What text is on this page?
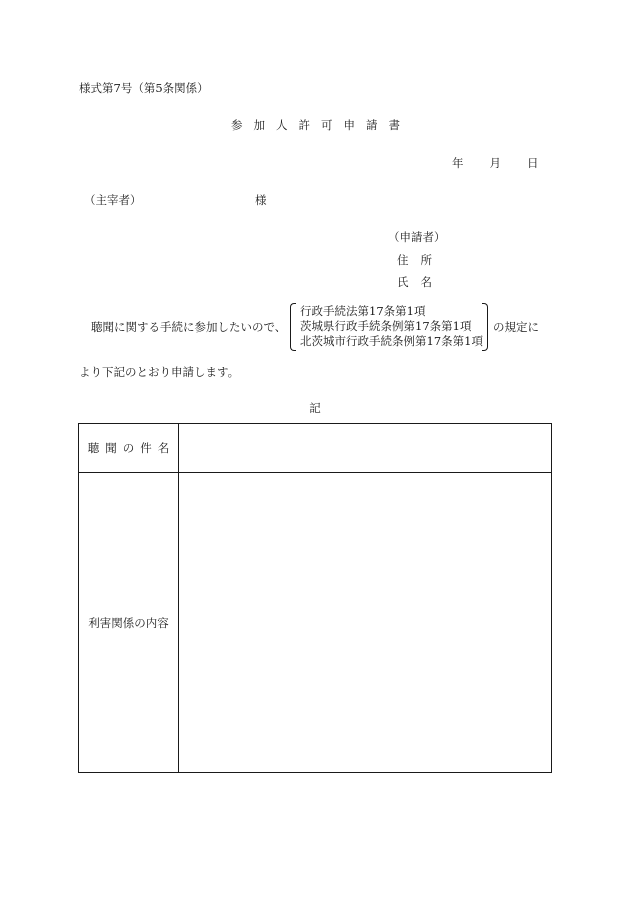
様式第7号（第5条関係）
参加人許可申請書
年 月 日
（主宰者）	様
（申請者）
住所
氏名
聴聞に関する手続に参加したいので、
行政手続法第17条第1項
茨城県行政手続条例第17条第1項
北茨城市行政手続条例第17条第1項
の規定に
より下記のとおり申請します。
記
聴聞の件名
利害関係の内容
